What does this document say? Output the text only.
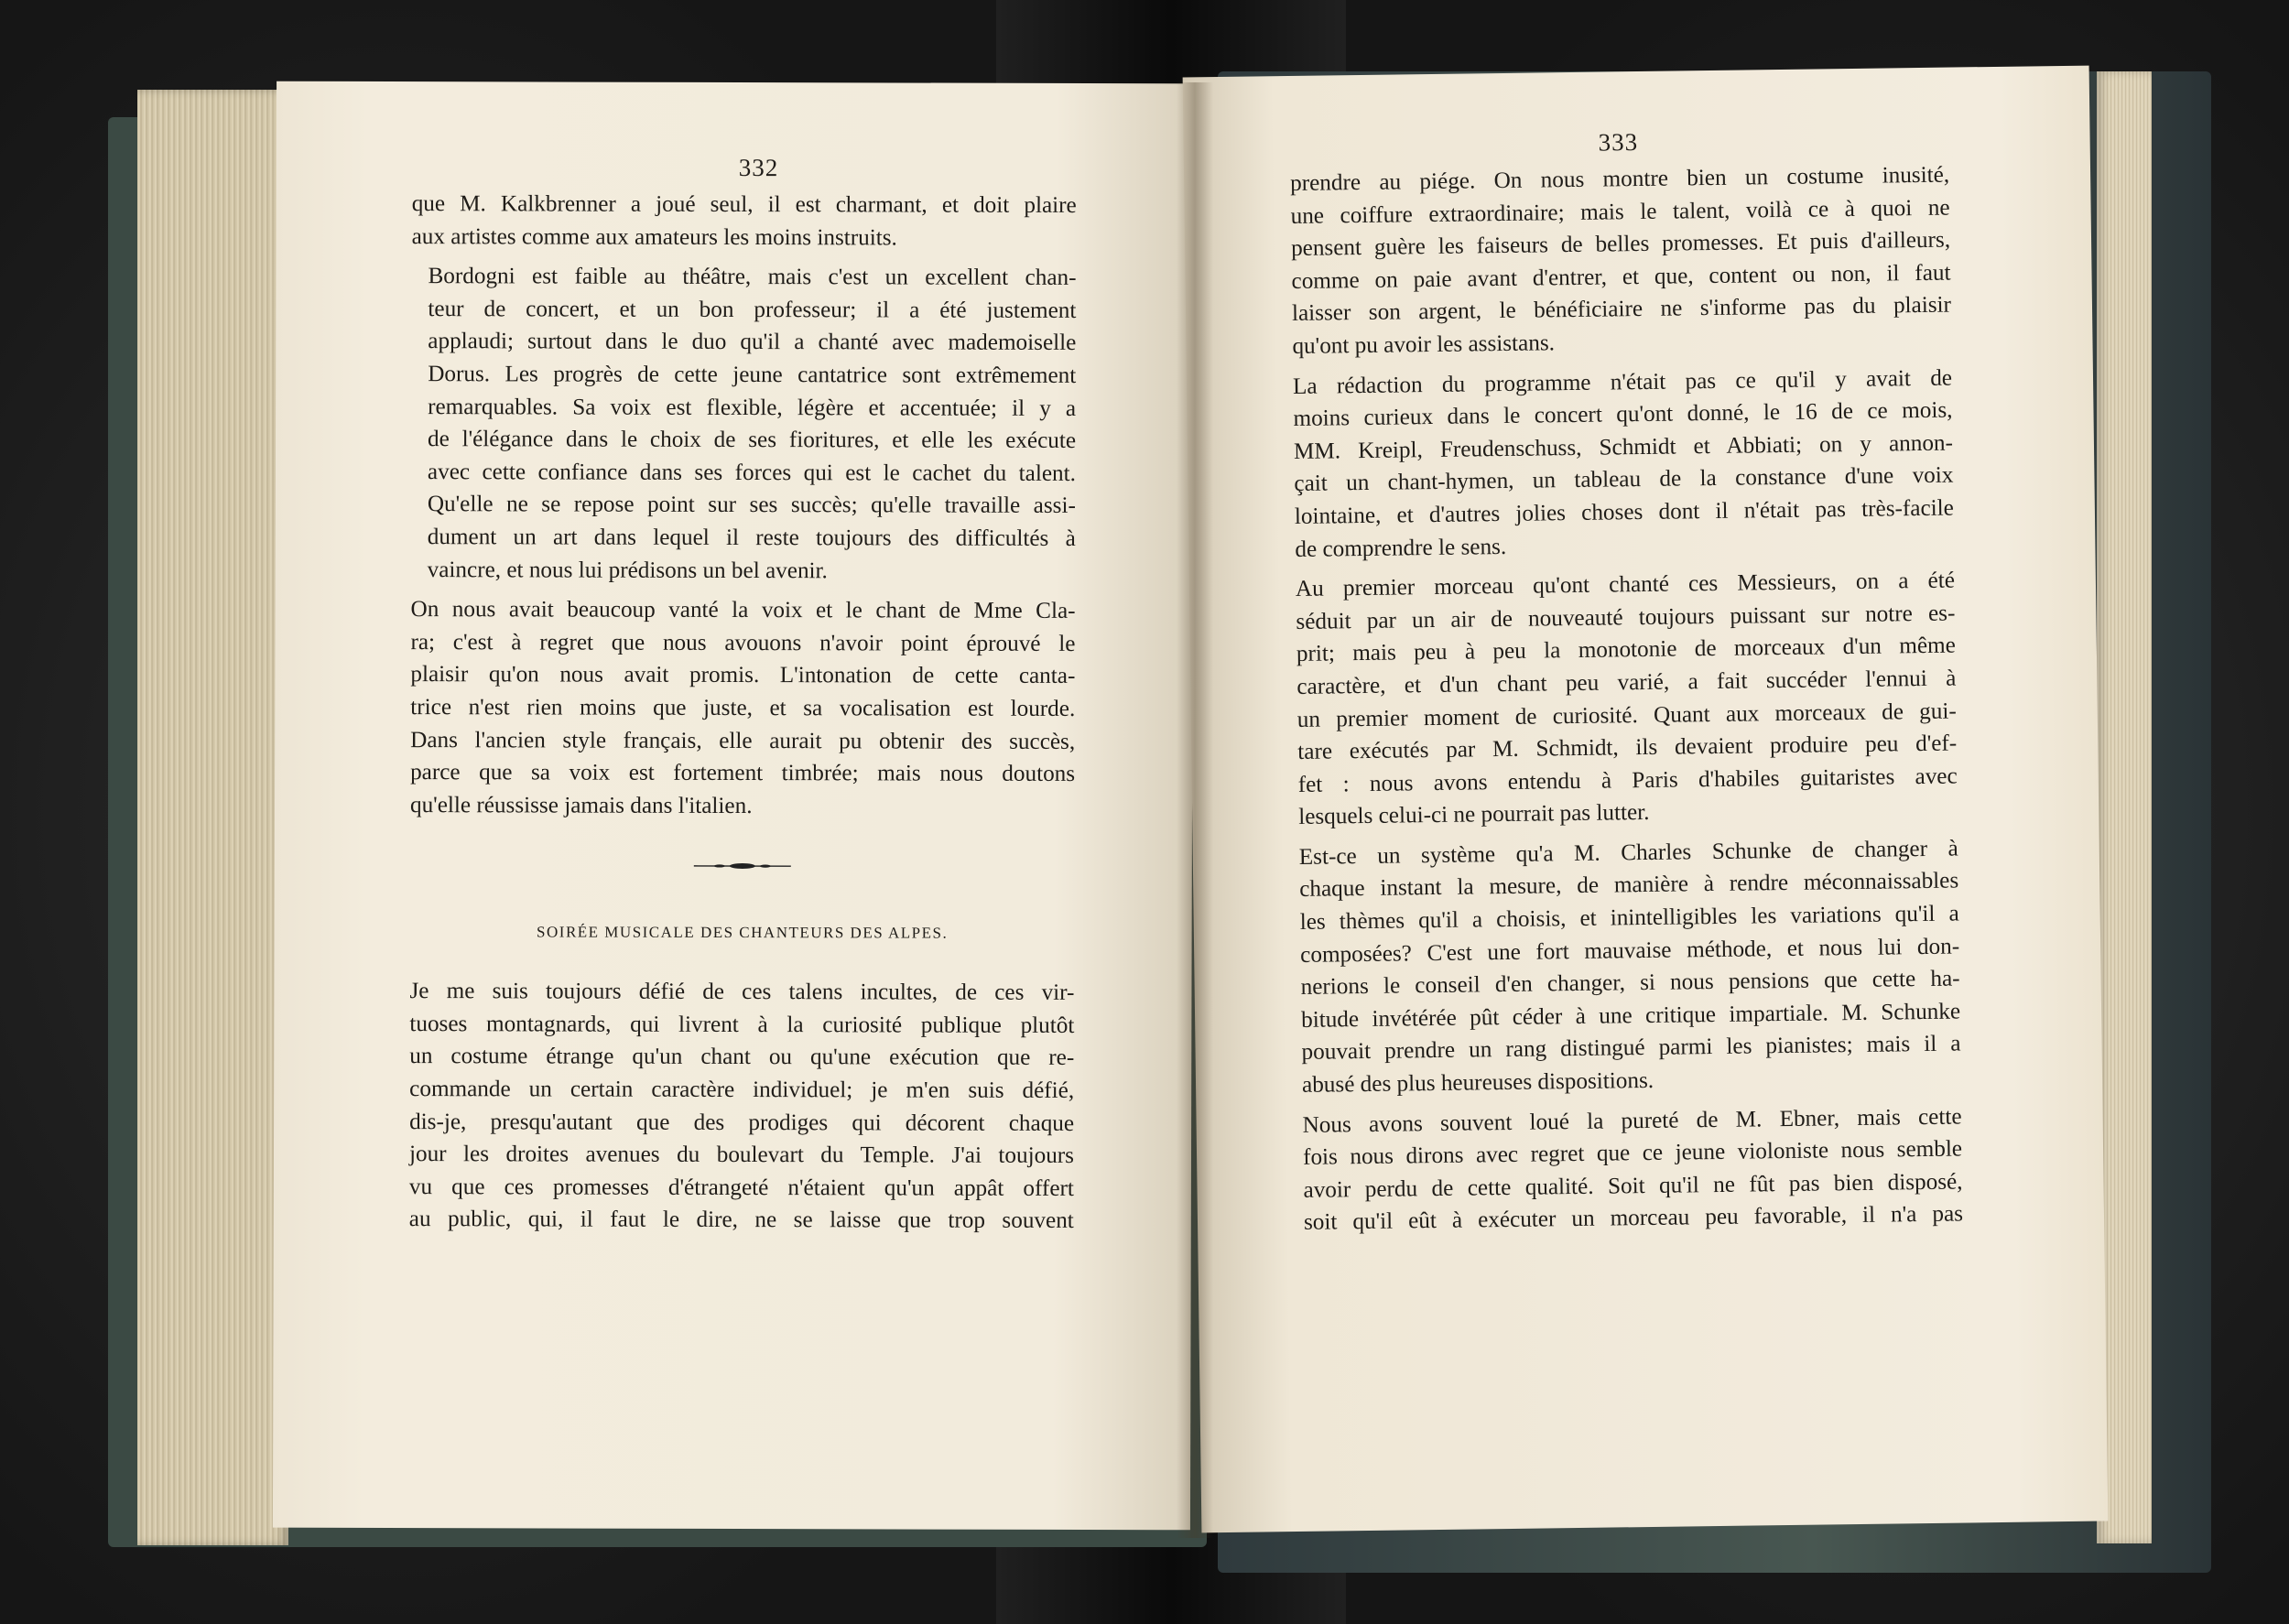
332
que M. Kalkbrenner a joué seul, il est charmant, et doit plaire
aux artistes comme aux amateurs les moins instruits.
Bordogni est faible au théâtre, mais c'est un excellent chan-
teur de concert, et un bon professeur; il a été justement
applaudi; surtout dans le duo qu'il a chanté avec mademoiselle
Dorus. Les progrès de cette jeune cantatrice sont extrêmement
remarquables. Sa voix est flexible, légère et accentuée; il y a
de l'élégance dans le choix de ses fioritures, et elle les exécute
avec cette confiance dans ses forces qui est le cachet du talent.
Qu'elle ne se repose point sur ses succès; qu'elle travaille assi-
dument un art dans lequel il reste toujours des difficultés à
vaincre, et nous lui prédisons un bel avenir.
On nous avait beaucoup vanté la voix et le chant de Mme Cla-
ra; c'est à regret que nous avouons n'avoir point éprouvé le
plaisir qu'on nous avait promis. L'intonation de cette canta-
trice n'est rien moins que juste, et sa vocalisation est lourde.
Dans l'ancien style français, elle aurait pu obtenir des succès,
parce que sa voix est fortement timbrée; mais nous doutons
qu'elle réussisse jamais dans l'italien.
SOIRÉE MUSICALE DES CHANTEURS DES ALPES.
Je me suis toujours défié de ces talens incultes, de ces vir-
tuoses montagnards, qui livrent à la curiosité publique plutôt
un costume étrange qu'un chant ou qu'une exécution que re-
commande un certain caractère individuel; je m'en suis défié,
dis-je, presqu'autant que des prodiges qui décorent chaque
jour les droites avenues du boulevart du Temple. J'ai toujours
vu que ces promesses d'étrangeté n'étaient qu'un appât offert
au public, qui, il faut le dire, ne se laisse que trop souvent
333
prendre au piége. On nous montre bien un costume inusité,
une coiffure extraordinaire; mais le talent, voilà ce à quoi ne
pensent guère les faiseurs de belles promesses. Et puis d'ailleurs,
comme on paie avant d'entrer, et que, content ou non, il faut
laisser son argent, le bénéficiaire ne s'informe pas du plaisir
qu'ont pu avoir les assistans.
La rédaction du programme n'était pas ce qu'il y avait de
moins curieux dans le concert qu'ont donné, le 16 de ce mois,
MM. Kreipl, Freudenschuss, Schmidt et Abbiati; on y annon-
çait un chant-hymen, un tableau de la constance d'une voix
lointaine, et d'autres jolies choses dont il n'était pas très-facile
de comprendre le sens.
Au premier morceau qu'ont chanté ces Messieurs, on a été
séduit par un air de nouveauté toujours puissant sur notre es-
prit; mais peu à peu la monotonie de morceaux d'un même
caractère, et d'un chant peu varié, a fait succéder l'ennui à
un premier moment de curiosité. Quant aux morceaux de gui-
tare exécutés par M. Schmidt, ils devaient produire peu d'ef-
fet : nous avons entendu à Paris d'habiles guitaristes avec
lesquels celui-ci ne pourrait pas lutter.
Est-ce un système qu'a M. Charles Schunke de changer à
chaque instant la mesure, de manière à rendre méconnaissables
les thèmes qu'il a choisis, et inintelligibles les variations qu'il a
composées? C'est une fort mauvaise méthode, et nous lui don-
nerions le conseil d'en changer, si nous pensions que cette ha-
bitude invétérée pût céder à une critique impartiale. M. Schunke
pouvait prendre un rang distingué parmi les pianistes; mais il a
abusé des plus heureuses dispositions.
Nous avons souvent loué la pureté de M. Ebner, mais cette
fois nous dirons avec regret que ce jeune violoniste nous semble
avoir perdu de cette qualité. Soit qu'il ne fût pas bien disposé,
soit qu'il eût à exécuter un morceau peu favorable, il n'a pas
